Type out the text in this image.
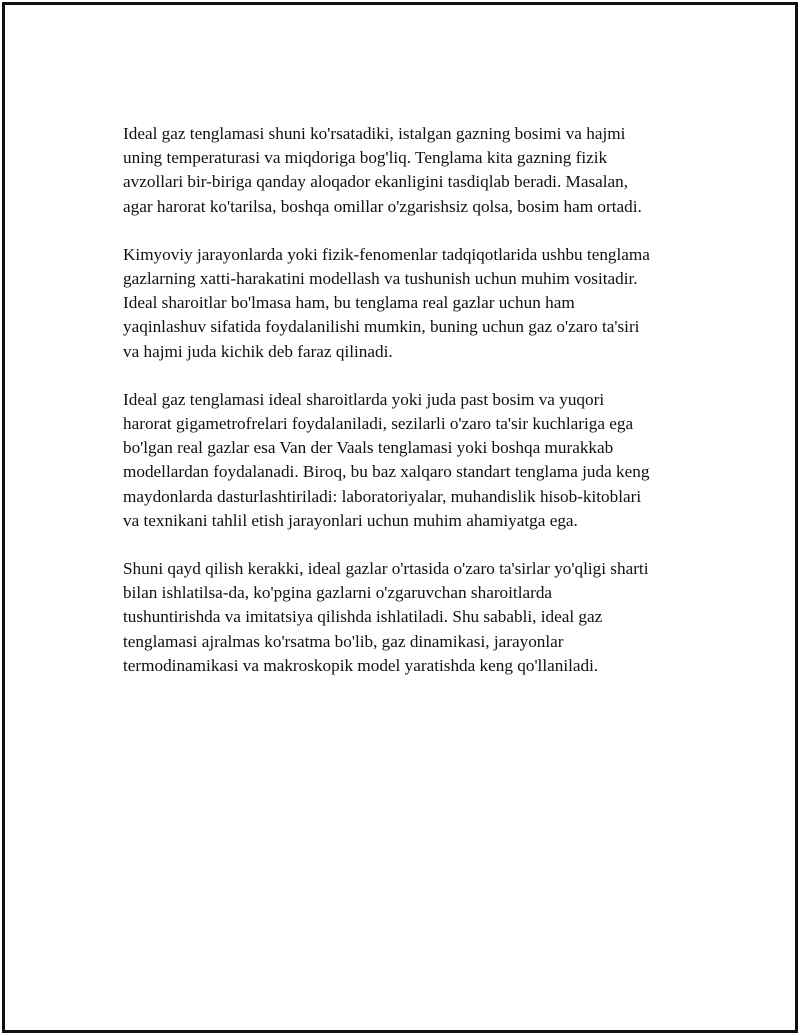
Ideal gaz tenglamasi shuni ko'rsatadiki, istalgan gazning bosimi va hajmi
uning temperaturasi va miqdoriga bog'liq. Tenglama kita gazning fizik
avzollari bir-biriga qanday aloqador ekanligini tasdiqlab beradi. Masalan,
agar harorat ko'tarilsa, boshqa omillar o'zgarishsiz qolsa, bosim ham ortadi.

Kimyoviy jarayonlarda yoki fizik-fenomenlar tadqiqotlarida ushbu tenglama
gazlarning xatti-harakatini modellash va tushunish uchun muhim vositadir.
Ideal sharoitlar bo'lmasa ham, bu tenglama real gazlar uchun ham
yaqinlashuv sifatida foydalanilishi mumkin, buning uchun gaz o'zaro ta'siri
va hajmi juda kichik deb faraz qilinadi.

Ideal gaz tenglamasi ideal sharoitlarda yoki juda past bosim va yuqori
harorat gigametrofrelari foydalaniladi, sezilarli o'zaro ta'sir kuchlariga ega
bo'lgan real gazlar esa Van der Vaals tenglamasi yoki boshqa murakkab
modellardan foydalanadi. Biroq, bu baz xalqaro standart tenglama juda keng
maydonlarda dasturlashtiriladi: laboratoriyalar, muhandislik hisob-kitoblari
va texnikani tahlil etish jarayonlari uchun muhim ahamiyatga ega.

Shuni qayd qilish kerakki, ideal gazlar o'rtasida o'zaro ta'sirlar yo'qligi sharti
bilan ishlatilsa-da, ko'pgina gazlarni o'zgaruvchan sharoitlarda
tushuntirishda va imitatsiya qilishda ishlatiladi. Shu sababli, ideal gaz
tenglamasi ajralmas ko'rsatma bo'lib, gaz dinamikasi, jarayonlar
termodinamikasi va makroskopik model yaratishda keng qo'llaniladi.
